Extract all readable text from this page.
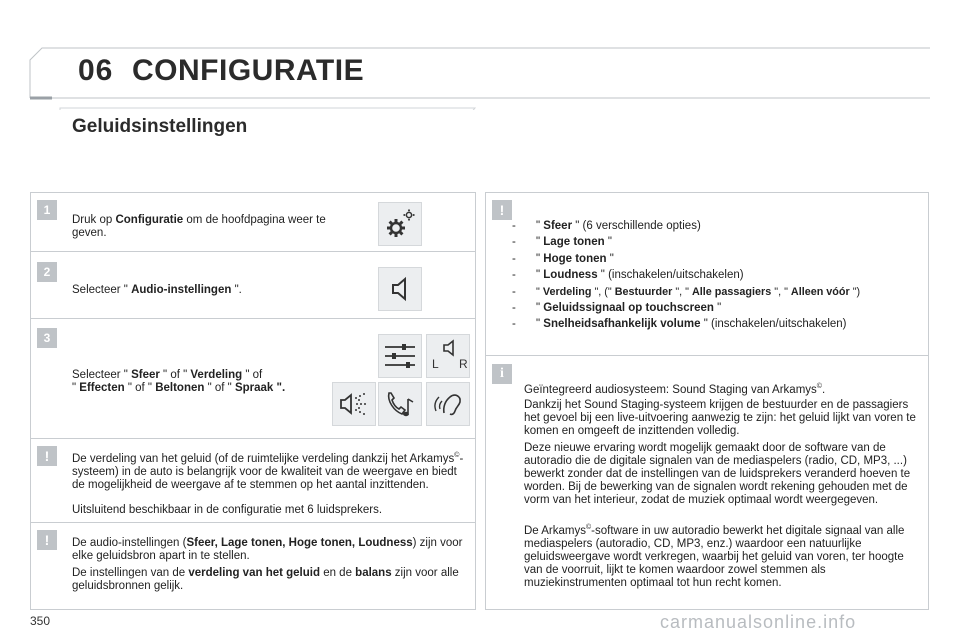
06 CONFIGURATIE
Geluidsinstellingen
1
Druk op Configuratie om de hoofdpagina weer te geven.
2
Selecteer " Audio-instellingen ".
3
Selecteer " Sfeer " of " Verdeling " of
" Effecten " of " Beltonen " of " Spraak ".
L R
!	De verdeling van het geluid (of de ruimtelijke verdeling dankzij het Arkamys©-systeem) in de auto is belangrijk voor de kwaliteit van de weergave en biedt de mogelijkheid de weergave af te stemmen op het aantal inzittenden.
Uitsluitend beschikbaar in de configuratie met 6 luidsprekers.
!	De audio-instellingen (Sfeer, Lage tonen, Hoge tonen, Loudness) zijn voor elke geluidsbron apart in te stellen.
De instellingen van de verdeling van het geluid en de balans zijn voor alle geluidsbronnen gelijk.
!
-	" Sfeer " (6 verschillende opties)
-	" Lage tonen "
-	" Hoge tonen "
-	" Loudness " (inschakelen/uitschakelen)
-	" Verdeling ", (" Bestuurder ", " Alle passagiers ", " Alleen vóór ")
-	" Geluidssignaal op touchscreen "
-	" Snelheidsafhankelijk volume " (inschakelen/uitschakelen)
i
Geïntegreerd audiosysteem: Sound Staging van Arkamys©.
Dankzij het Sound Staging-systeem krijgen de bestuurder en de passagiers het gevoel bij een live-uitvoering aanwezig te zijn: het geluid lijkt van voren te komen en omgeeft de inzittenden volledig.
Deze nieuwe ervaring wordt mogelijk gemaakt door de software van de autoradio die de digitale signalen van de mediaspelers (radio, CD, MP3, ...) bewerkt zonder dat de instellingen van de luidsprekers veranderd hoeven te worden. Bij de bewerking van de signalen wordt rekening gehouden met de vorm van het interieur, zodat de muziek optimaal wordt weergegeven.
De Arkamys©-software in uw autoradio bewerkt het digitale signaal van alle mediaspelers (autoradio, CD, MP3, enz.) waardoor een natuurlijke geluidsweergave wordt verkregen, waarbij het geluid van voren, ter hoogte van de voorruit, lijkt te komen waardoor zowel stemmen als muziekinstrumenten optimaal tot hun recht komen.
350	carmanualsonline.info
